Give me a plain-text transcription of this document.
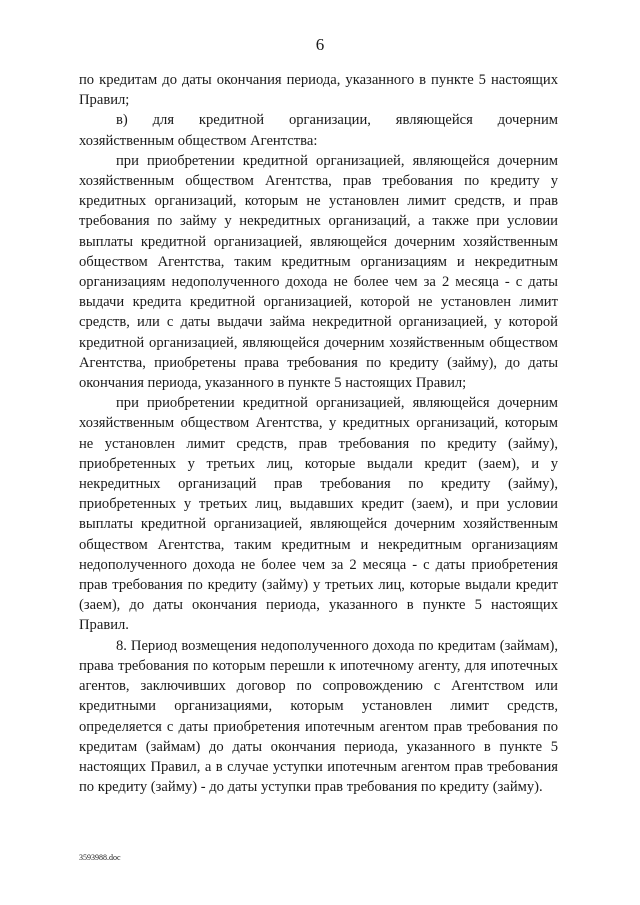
6

по кредитам до даты окончания периода, указанного в пункте 5 настоящих Правил;

в) для кредитной организации, являющейся дочерним

хозяйственным обществом Агентства:

при приобретении кредитной организацией, являющейся дочерним хозяйственным обществом Агентства, прав требования по кредиту у кредитных организаций, которым не установлен лимит средств, и прав требования по займу у некредитных организаций, а также при условии выплаты кредитной организацией, являющейся дочерним хозяйственным обществом Агентства, таким кредитным организациям и некредитным организациям недополученного дохода не более чем за 2 месяца - с даты выдачи кредита кредитной организацией, которой не установлен лимит средств, или с даты выдачи займа некредитной организацией, у которой кредитной организацией, являющейся дочерним хозяйственным обществом Агентства, приобретены права требования по кредиту (займу), до даты окончания периода, указанного в пункте 5 настоящих Правил;

при приобретении кредитной организацией, являющейся дочерним хозяйственным обществом Агентства, у кредитных организаций, которым не установлен лимит средств, прав требования по кредиту (займу), приобретенных у третьих лиц, которые выдали кредит (заем), и у некредитных организаций прав требования по кредиту (займу), приобретенных у третьих лиц, выдавших кредит (заем), и при условии выплаты кредитной организацией, являющейся дочерним хозяйственным обществом Агентства, таким кредитным и некредитным организациям недополученного дохода не более чем за 2 месяца - с даты приобретения прав требования по кредиту (займу) у третьих лиц, которые выдали кредит (заем), до даты окончания периода, указанного в пункте 5 настоящих Правил.

8. Период возмещения недополученного дохода по кредитам (займам), права требования по которым перешли к ипотечному агенту, для ипотечных агентов, заключивших договор по сопровождению с Агентством или кредитными организациями, которым установлен лимит средств, определяется с даты приобретения ипотечным агентом прав требования по кредитам (займам) до даты окончания периода, указанного в пункте 5 настоящих Правил, а в случае уступки ипотечным агентом прав требования по кредиту (займу) - до даты уступки прав требования по кредиту (займу).

3593988.doc
